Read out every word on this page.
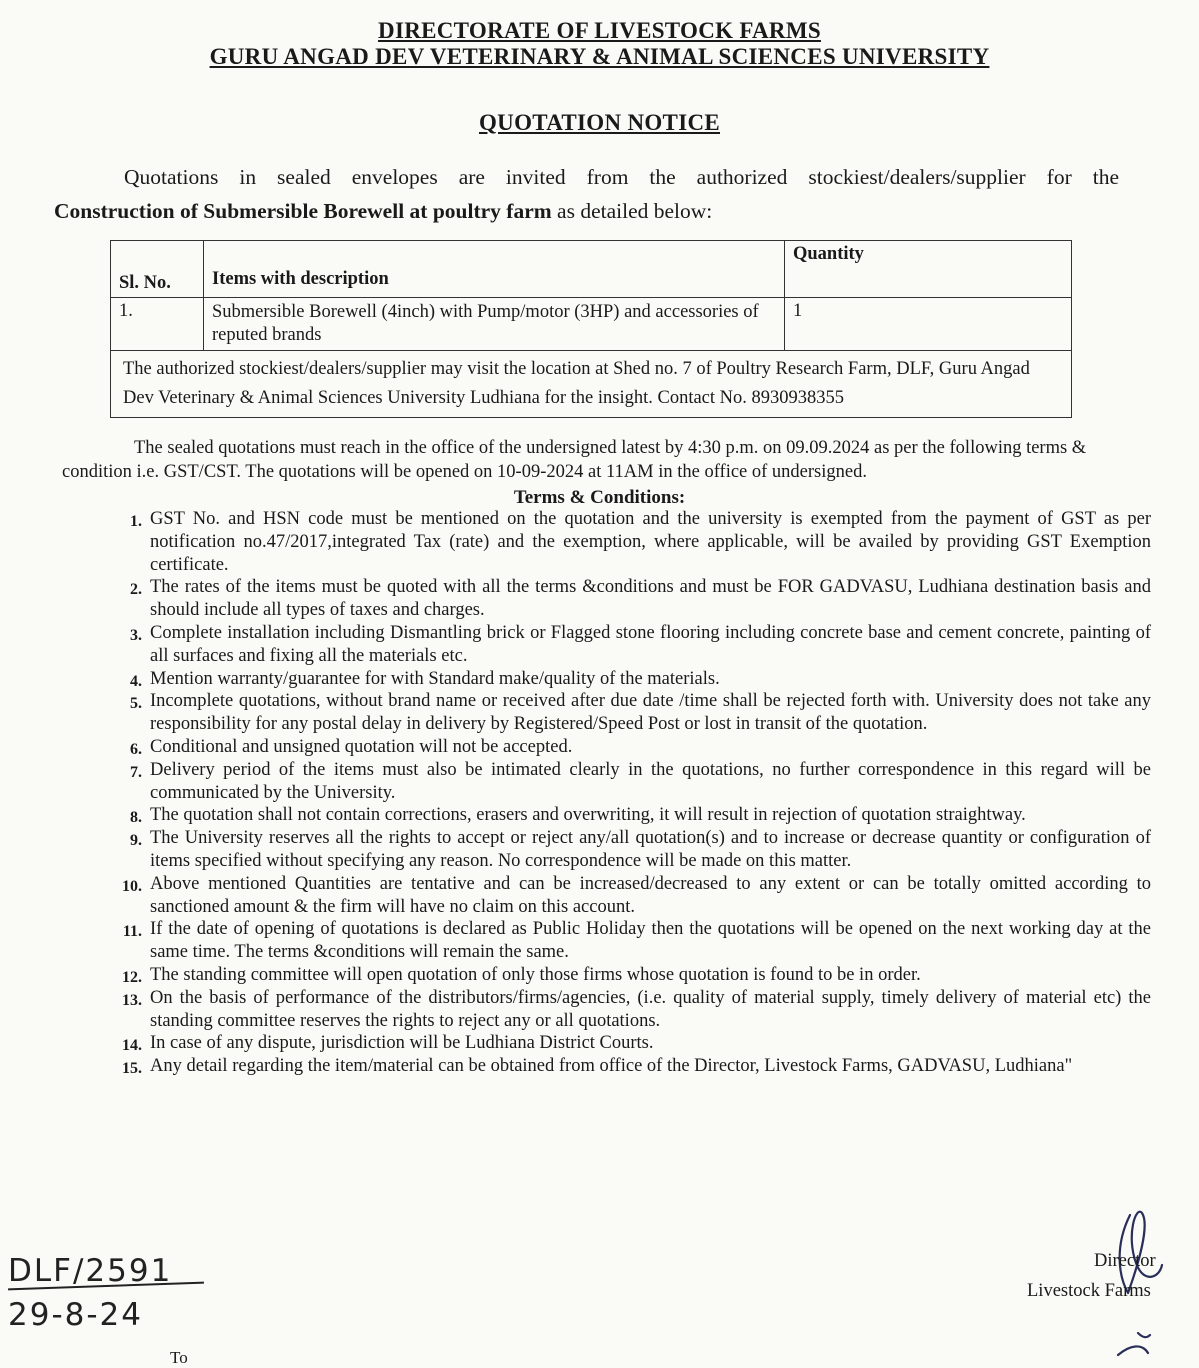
DIRECTORATE OF LIVESTOCK FARMS
GURU ANGAD DEV VETERINARY & ANIMAL SCIENCES UNIVERSITY
QUOTATION NOTICE
Quotations in sealed envelopes are invited from the authorized stockiest/dealers/supplier for the
Construction of Submersible Borewell at poultry farm as detailed below:
Sl. No.	Items with description	Quantity
1.	Submersible Borewell (4inch) with Pump/motor (3HP) and accessories of reputed brands	1
The authorized stockiest/dealers/supplier may visit the location at Shed no. 7 of Poultry Research Farm, DLF, Guru Angad Dev Veterinary & Animal Sciences University Ludhiana for the insight. Contact No. 8930938355		
The sealed quotations must reach in the office of the undersigned latest by 4:30 p.m. on 09.09.2024 as per the following terms & condition i.e. GST/CST. The quotations will be opened on 10-09-2024 at 11AM in the office of undersigned.
Terms & Conditions:
1. GST No. and HSN code must be mentioned on the quotation and the university is exempted from the payment of GST as per notification no.47/2017,integrated Tax (rate) and the exemption, where applicable, will be availed by providing GST Exemption certificate.
2. The rates of the items must be quoted with all the terms &conditions and must be FOR GADVASU, Ludhiana destination basis and should include all types of taxes and charges.
3. Complete installation including Dismantling brick or Flagged stone flooring including concrete base and cement concrete, painting of all surfaces and fixing all the materials etc.
4. Mention warranty/guarantee for with Standard make/quality of the materials.
5. Incomplete quotations, without brand name or received after due date /time shall be rejected forth with. University does not take any responsibility for any postal delay in delivery by Registered/Speed Post or lost in transit of the quotation.
6. Conditional and unsigned quotation will not be accepted.
7. Delivery period of the items must also be intimated clearly in the quotations, no further correspondence in this regard will be communicated by the University.
8. The quotation shall not contain corrections, erasers and overwriting, it will result in rejection of quotation straightway.
9. The University reserves all the rights to accept or reject any/all quotation(s) and to increase or decrease quantity or configuration of items specified without specifying any reason. No correspondence will be made on this matter.
10. Above mentioned Quantities are tentative and can be increased/decreased to any extent or can be totally omitted according to sanctioned amount & the firm will have no claim on this account.
11. If the date of opening of quotations is declared as Public Holiday then the quotations will be opened on the next working day at the same time. The terms &conditions will remain the same.
12. The standing committee will open quotation of only those firms whose quotation is found to be in order.
13. On the basis of performance of the distributors/firms/agencies, (i.e. quality of material supply, timely delivery of material etc) the standing committee reserves the rights to reject any or all quotations.
14. In case of any dispute, jurisdiction will be Ludhiana District Courts.
15. Any detail regarding the item/material can be obtained from office of the Director, Livestock Farms, GADVASU, Ludhiana"
DLF/2591
29-8-24
Director
Livestock Farms
To
